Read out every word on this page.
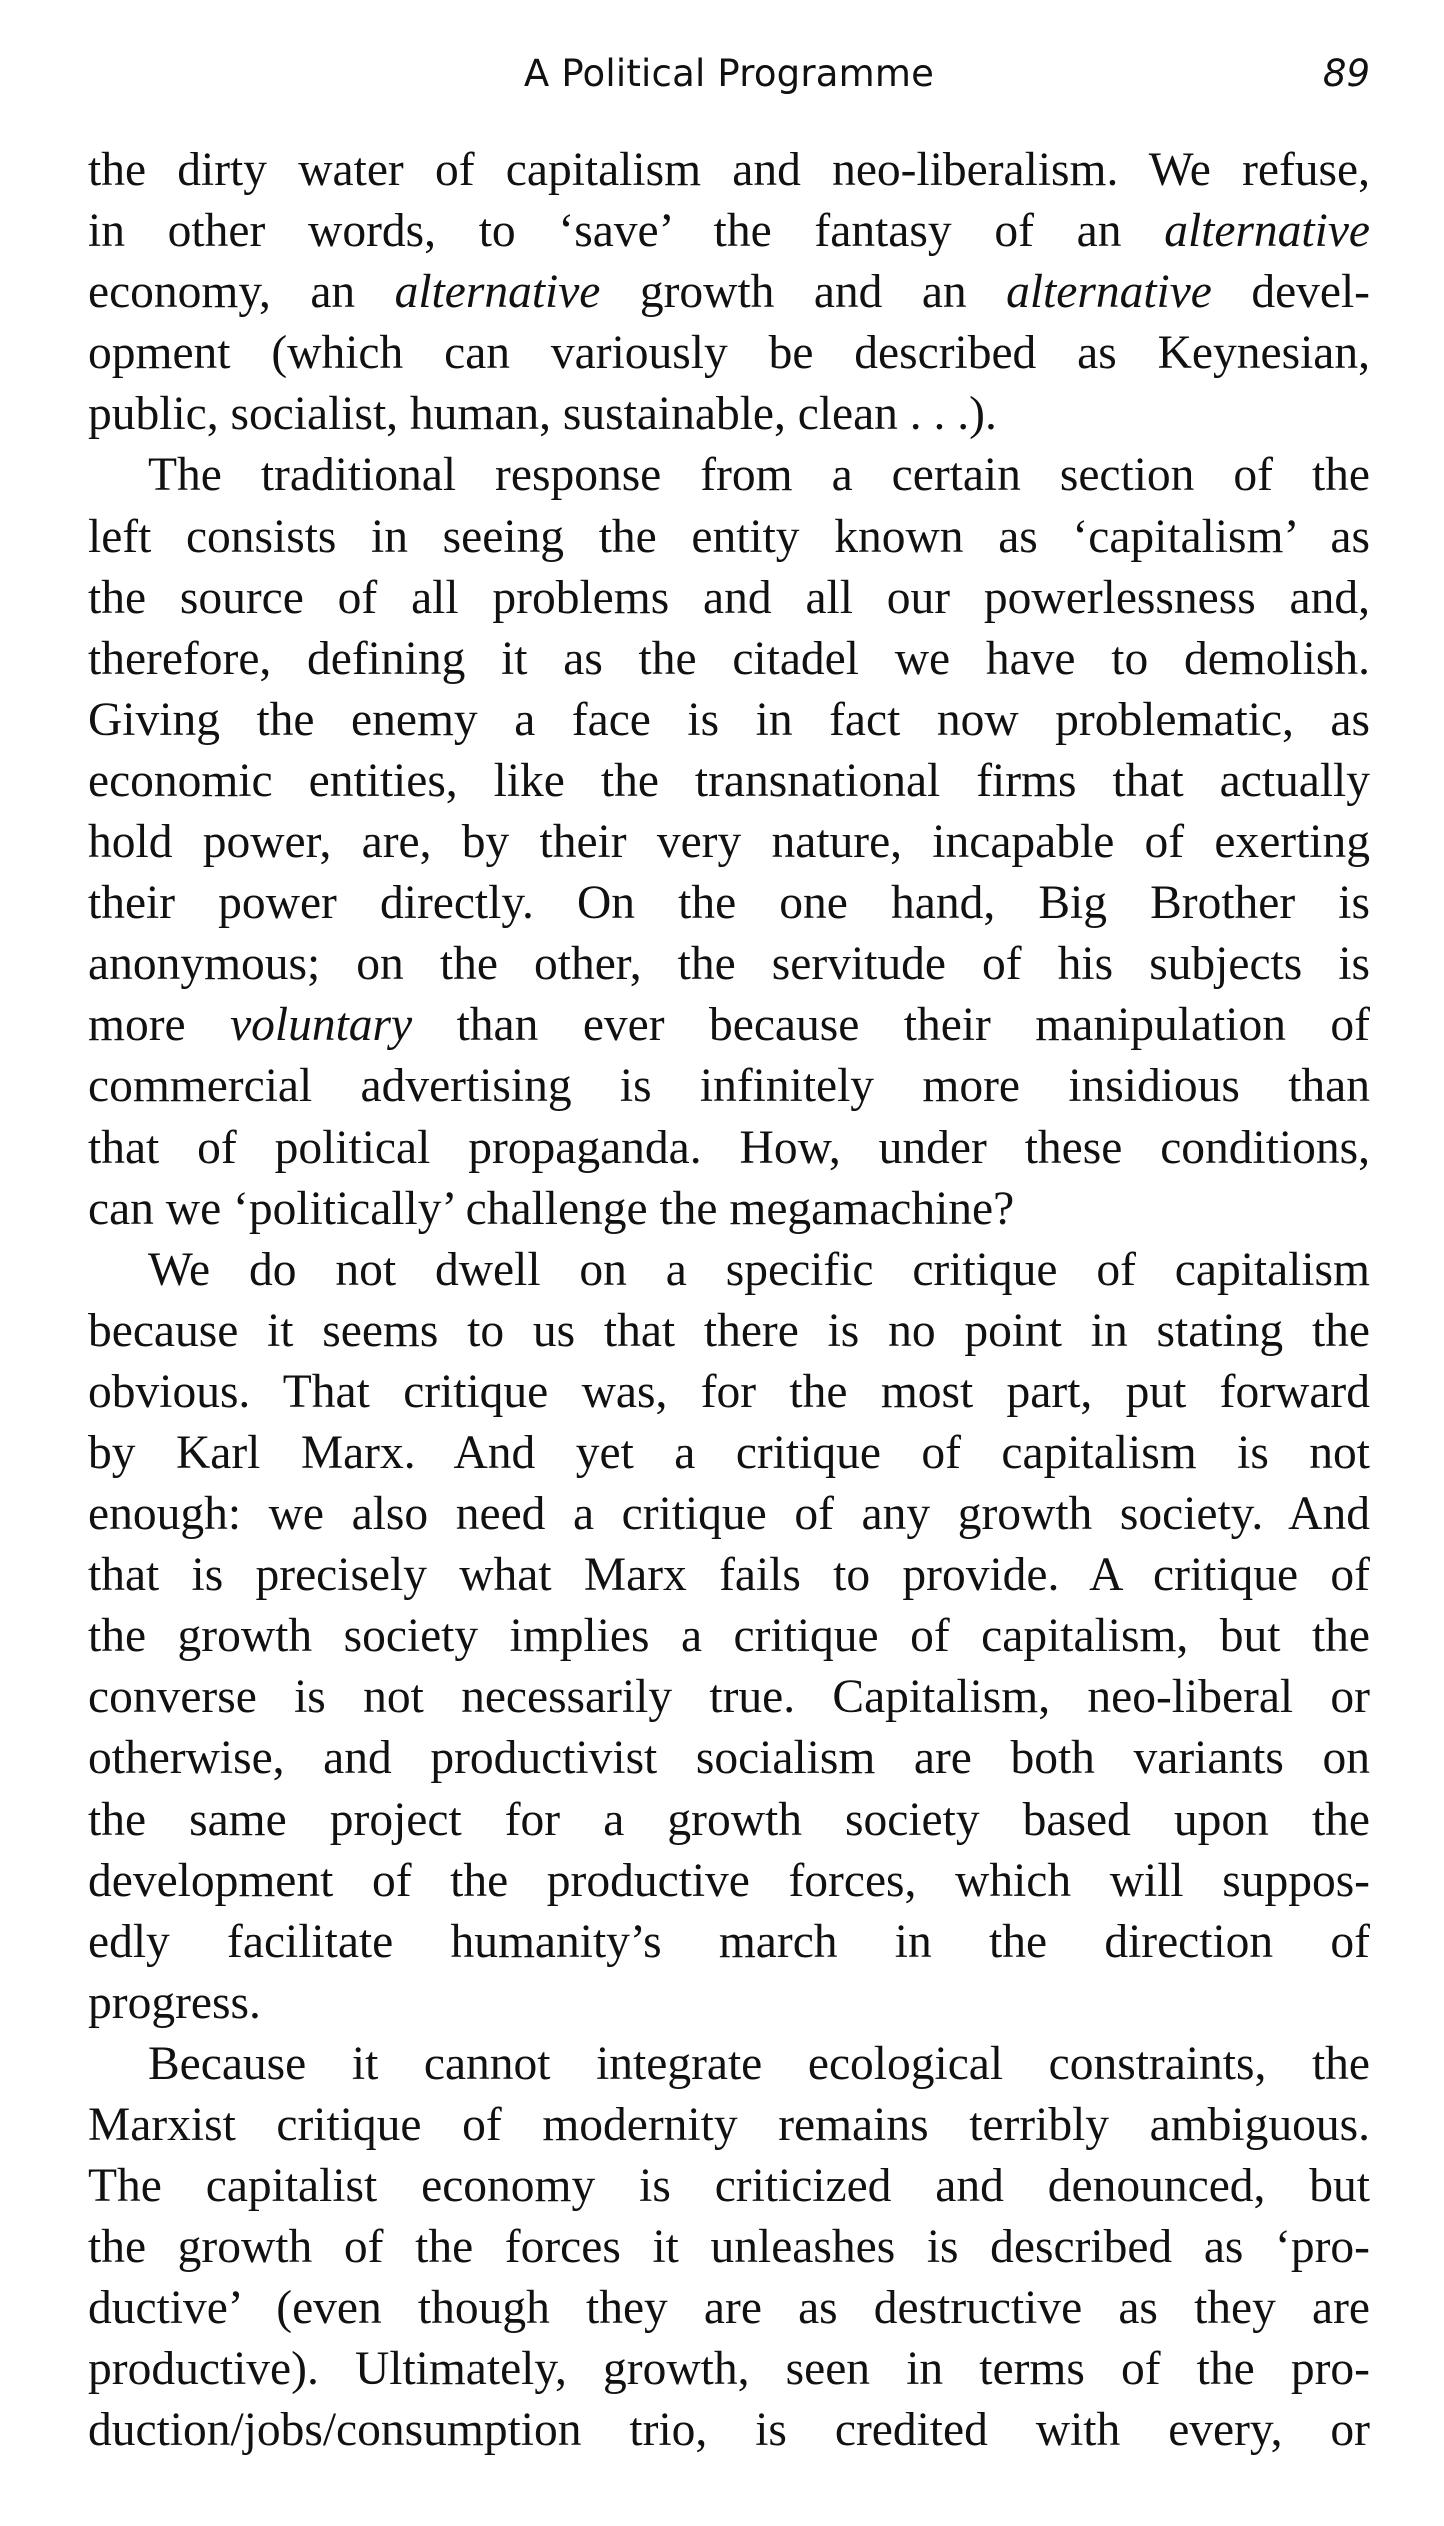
A Political Programme	89
the dirty water of capitalism and neo-liberalism. We refuse,
in other words, to ‘save’ the fantasy of an alternative
economy, an alternative growth and an alternative devel-
opment (which can variously be described as Keynesian,
public, socialist, human, sustainable, clean . . .).
The traditional response from a certain section of the
left consists in seeing the entity known as ‘capitalism’ as
the source of all problems and all our powerlessness and,
therefore, defining it as the citadel we have to demolish.
Giving the enemy a face is in fact now problematic, as
economic entities, like the transnational firms that actually
hold power, are, by their very nature, incapable of exerting
their power directly. On the one hand, Big Brother is
anonymous; on the other, the servitude of his subjects is
more voluntary than ever because their manipulation of
commercial advertising is infinitely more insidious than
that of political propaganda. How, under these conditions,
can we ‘politically’ challenge the megamachine?
We do not dwell on a specific critique of capitalism
because it seems to us that there is no point in stating the
obvious. That critique was, for the most part, put forward
by Karl Marx. And yet a critique of capitalism is not
enough: we also need a critique of any growth society. And
that is precisely what Marx fails to provide. A critique of
the growth society implies a critique of capitalism, but the
converse is not necessarily true. Capitalism, neo-liberal or
otherwise, and productivist socialism are both variants on
the same project for a growth society based upon the
development of the productive forces, which will suppos-
edly facilitate humanity’s march in the direction of
progress.
Because it cannot integrate ecological constraints, the
Marxist critique of modernity remains terribly ambiguous.
The capitalist economy is criticized and denounced, but
the growth of the forces it unleashes is described as ‘pro-
ductive’ (even though they are as destructive as they are
productive). Ultimately, growth, seen in terms of the pro-
duction/jobs/consumption trio, is credited with every, or
